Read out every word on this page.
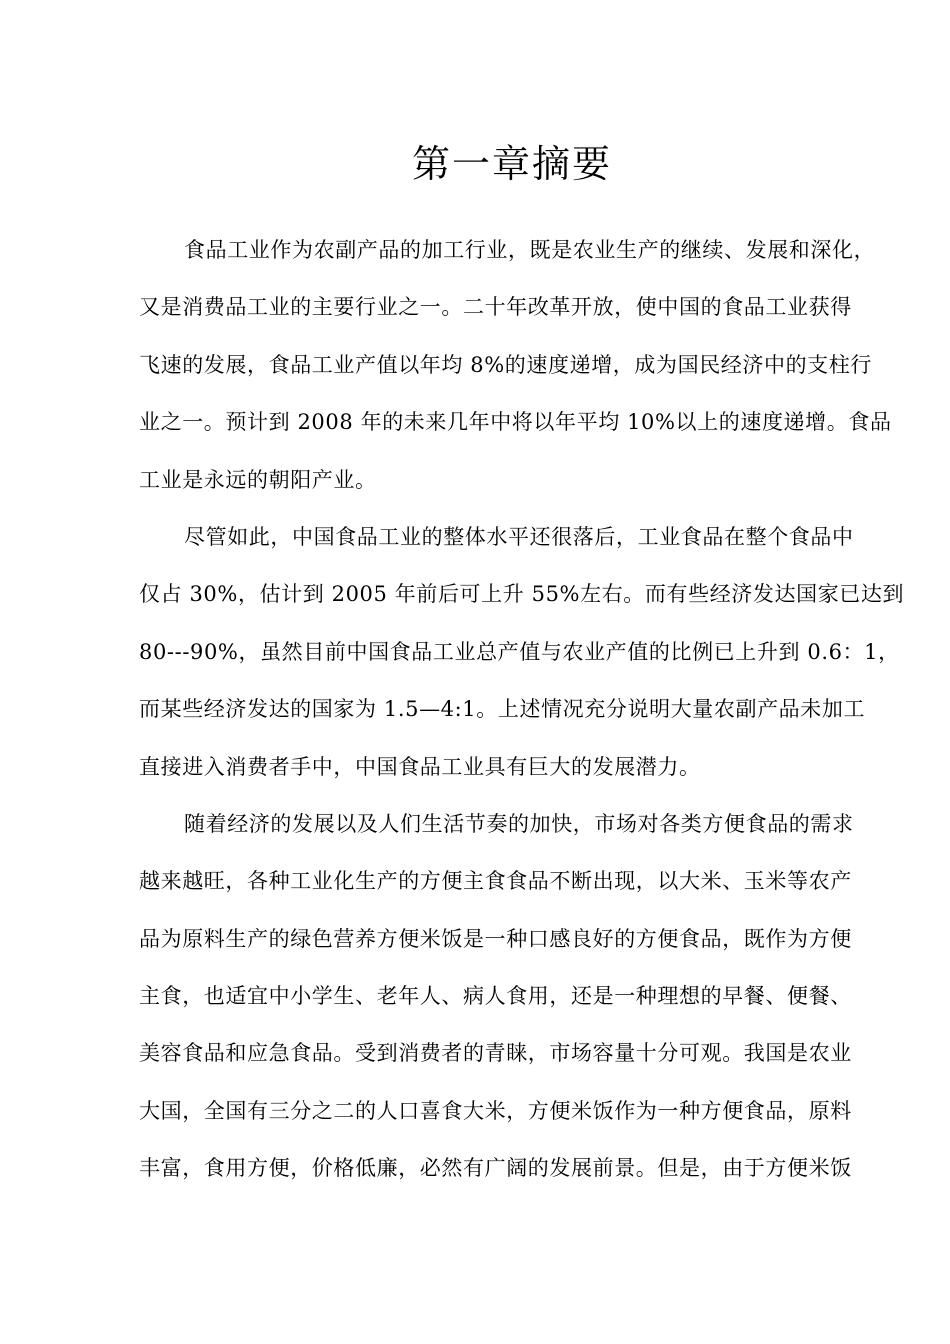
第一章摘要
食品工业作为农副产品的加工行业，既是农业生产的继续、发展和深化，
又是消费品工业的主要行业之一。二十年改革开放，使中国的食品工业获得
飞速的发展，食品工业产值以年均 8%的速度递增，成为国民经济中的支柱行
业之一。预计到 2008 年的未来几年中将以年平均 10%以上的速度递增。食品
工业是永远的朝阳产业。
尽管如此，中国食品工业的整体水平还很落后，工业食品在整个食品中
仅占 30%，估计到 2005 年前后可上升 55%左右。而有些经济发达国家已达到
80---90%，虽然目前中国食品工业总产值与农业产值的比例已上升到 0.6：1，
而某些经济发达的国家为 1.5—4:1。上述情况充分说明大量农副产品未加工
直接进入消费者手中，中国食品工业具有巨大的发展潜力。
随着经济的发展以及人们生活节奏的加快，市场对各类方便食品的需求
越来越旺，各种工业化生产的方便主食食品不断出现，以大米、玉米等农产
品为原料生产的绿色营养方便米饭是一种口感良好的方便食品，既作为方便
主食，也适宜中小学生、老年人、病人食用，还是一种理想的早餐、便餐、
美容食品和应急食品。受到消费者的青睐，市场容量十分可观。我国是农业
大国，全国有三分之二的人口喜食大米，方便米饭作为一种方便食品，原料
丰富，食用方便，价格低廉，必然有广阔的发展前景。但是，由于方便米饭
